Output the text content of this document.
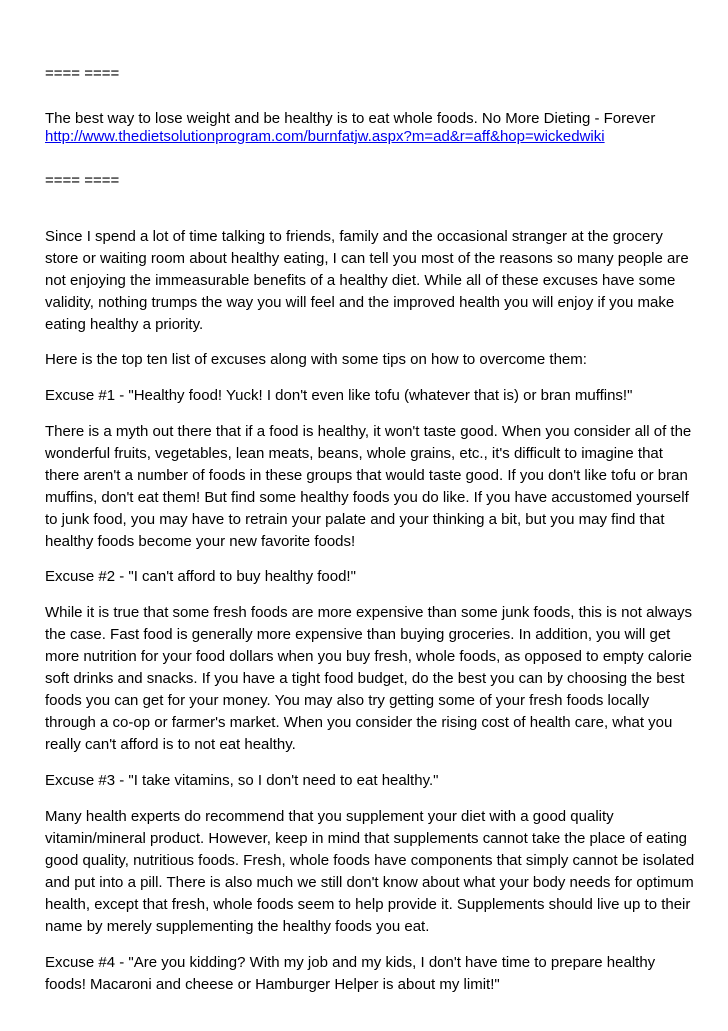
==== ====
The best way to lose weight and be healthy is to eat whole foods. No More Dieting - Forever
http://www.thedietsolutionprogram.com/burnfatjw.aspx?m=ad&r=aff&hop=wickedwiki
==== ====
Since I spend a lot of time talking to friends, family and the occasional stranger at the grocery
store or waiting room about healthy eating, I can tell you most of the reasons so many people are
not enjoying the immeasurable benefits of a healthy diet. While all of these excuses have some
validity, nothing trumps the way you will feel and the improved health you will enjoy if you make
eating healthy a priority.
Here is the top ten list of excuses along with some tips on how to overcome them:
Excuse #1 - "Healthy food! Yuck! I don't even like tofu (whatever that is) or bran muffins!"
There is a myth out there that if a food is healthy, it won't taste good. When you consider all of the
wonderful fruits, vegetables, lean meats, beans, whole grains, etc., it's difficult to imagine that
there aren't a number of foods in these groups that would taste good. If you don't like tofu or bran
muffins, don't eat them! But find some healthy foods you do like. If you have accustomed yourself
to junk food, you may have to retrain your palate and your thinking a bit, but you may find that
healthy foods become your new favorite foods!
Excuse #2 - "I can't afford to buy healthy food!"
While it is true that some fresh foods are more expensive than some junk foods, this is not always
the case. Fast food is generally more expensive than buying groceries. In addition, you will get
more nutrition for your food dollars when you buy fresh, whole foods, as opposed to empty calorie
soft drinks and snacks. If you have a tight food budget, do the best you can by choosing the best
foods you can get for your money. You may also try getting some of your fresh foods locally
through a co-op or farmer's market. When you consider the rising cost of health care, what you
really can't afford is to not eat healthy.
Excuse #3 - "I take vitamins, so I don't need to eat healthy."
Many health experts do recommend that you supplement your diet with a good quality
vitamin/mineral product. However, keep in mind that supplements cannot take the place of eating
good quality, nutritious foods. Fresh, whole foods have components that simply cannot be isolated
and put into a pill. There is also much we still don't know about what your body needs for optimum
health, except that fresh, whole foods seem to help provide it. Supplements should live up to their
name by merely supplementing the healthy foods you eat.
Excuse #4 - "Are you kidding? With my job and my kids, I don't have time to prepare healthy
foods! Macaroni and cheese or Hamburger Helper is about my limit!"
